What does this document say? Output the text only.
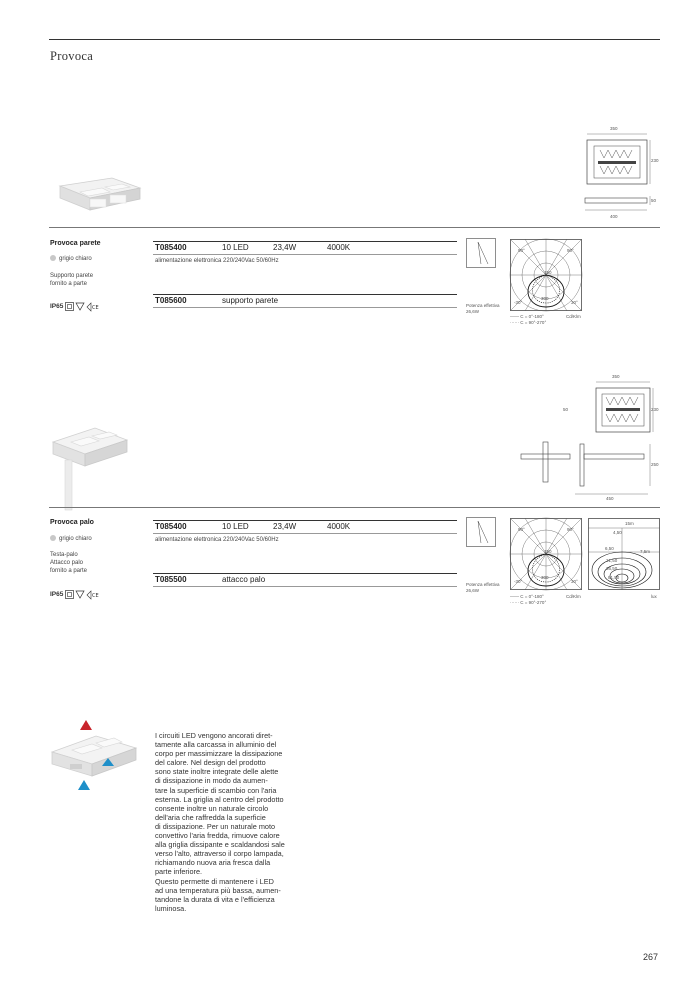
Provoca
350
230
50
400
Provoca parete
grigio chiaro
Supporto parete
fornito a parte
IP65	CE
T085400	10 LED	23,4W	4000K
alimentazione elettronica 220/240Vac 50/60Hz
T085600	supporto parete
Potenza effettiva
26,6W
90°	90°
150
300
-30°	30°
—— C = 0°-180°
······ C = 90°-270°
Cd/Klm
350
50	230
250
450
Provoca palo
grigio chiaro
Testa-palo
Attacco palo
fornito a parte
IP65	CE
T085400	10 LED	23,4W	4000K
alimentazione elettronica 220/240Vac 50/60Hz
T085500	attacco palo
Potenza effettiva
26,6W
90°	90°
150
300
-30°	30°
—— C = 0°-180°
······ C = 90°-270°
Cd/Klm
15m
4,50
6,50
7,5m
21,50
36,50
81,50
lux
I circuiti LED vengono ancorati diret-
tamente alla carcassa in alluminio del
corpo per massimizzare la dissipazione
del calore. Nel design del prodotto
sono state inoltre integrate delle alette
di dissipazione in modo da aumen-
tare la superficie di scambio con l'aria
esterna. La griglia al centro del prodotto
consente inoltre un naturale circolo
dell'aria che raffredda la superficie
di dissipazione. Per un naturale moto
convettivo l'aria fredda, rimuove calore
alla griglia dissipante e scaldandosi sale
verso l'alto, attraverso il corpo lampada,
richiamando nuova aria fresca dalla
parte inferiore.
Questo permette di mantenere i LED
ad una temperatura più bassa, aumen-
tandone la durata di vita e l'efficienza
luminosa.
267
